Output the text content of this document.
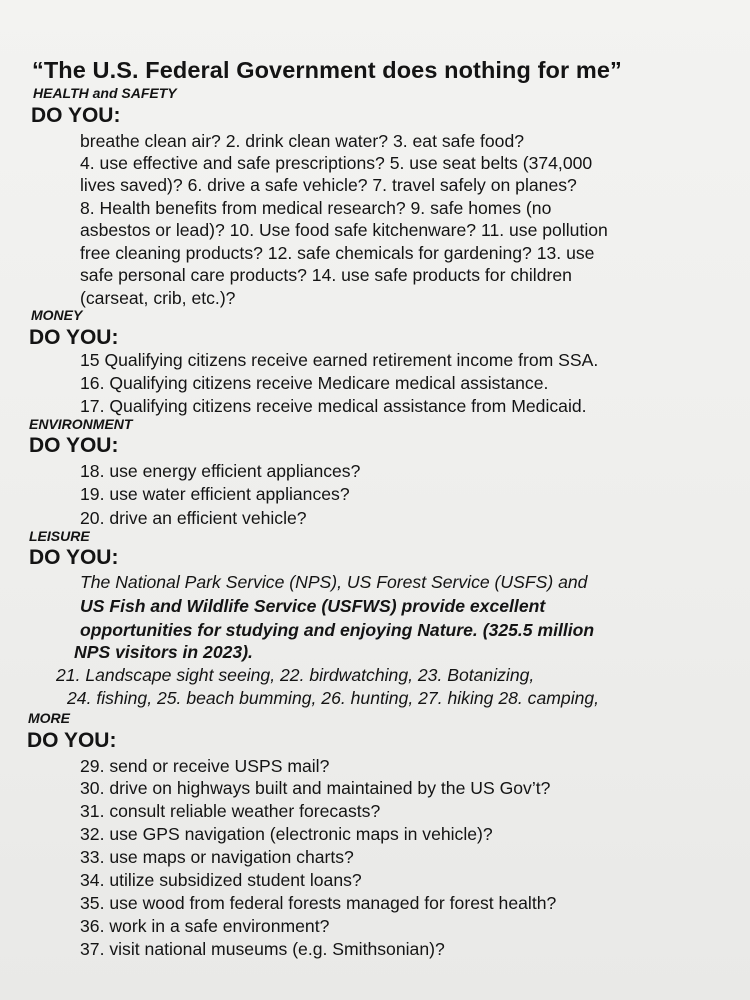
“The U.S. Federal Government does nothing for me”
HEALTH and SAFETY
DO YOU:
breathe clean air? 2. drink clean water? 3. eat safe food?
4. use effective and safe prescriptions? 5. use seat belts (374,000
lives saved)? 6. drive a safe vehicle? 7. travel safely on planes?
8. Health benefits from medical research? 9. safe homes (no
asbestos or lead)? 10. Use food safe kitchenware? 11. use pollution
free cleaning products? 12. safe chemicals for gardening? 13. use
safe personal care products? 14. use safe products for children
(carseat, crib, etc.)?
MONEY
DO YOU:
15 Qualifying citizens receive earned retirement income from SSA.
16. Qualifying citizens receive Medicare medical assistance.
17. Qualifying citizens receive medical assistance from Medicaid.
ENVIRONMENT
DO YOU:
18. use energy efficient appliances?
19. use water efficient appliances?
20. drive an efficient vehicle?
LEISURE
DO YOU:
The National Park Service (NPS), US Forest Service (USFS) and
US Fish and Wildlife Service (USFWS) provide excellent
opportunities for studying and enjoying Nature. (325.5 million
NPS visitors in 2023).
21. Landscape sight seeing, 22. birdwatching, 23. Botanizing,
24. fishing, 25. beach bumming, 26. hunting, 27. hiking 28. camping,
MORE
DO YOU:
29. send or receive USPS mail?
30. drive on highways built and maintained by the US Gov’t?
31. consult reliable weather forecasts?
32. use GPS navigation (electronic maps in vehicle)?
33. use maps or navigation charts?
34. utilize subsidized student loans?
35. use wood from federal forests managed for forest health?
36. work in a safe environment?
37. visit national museums (e.g. Smithsonian)?
